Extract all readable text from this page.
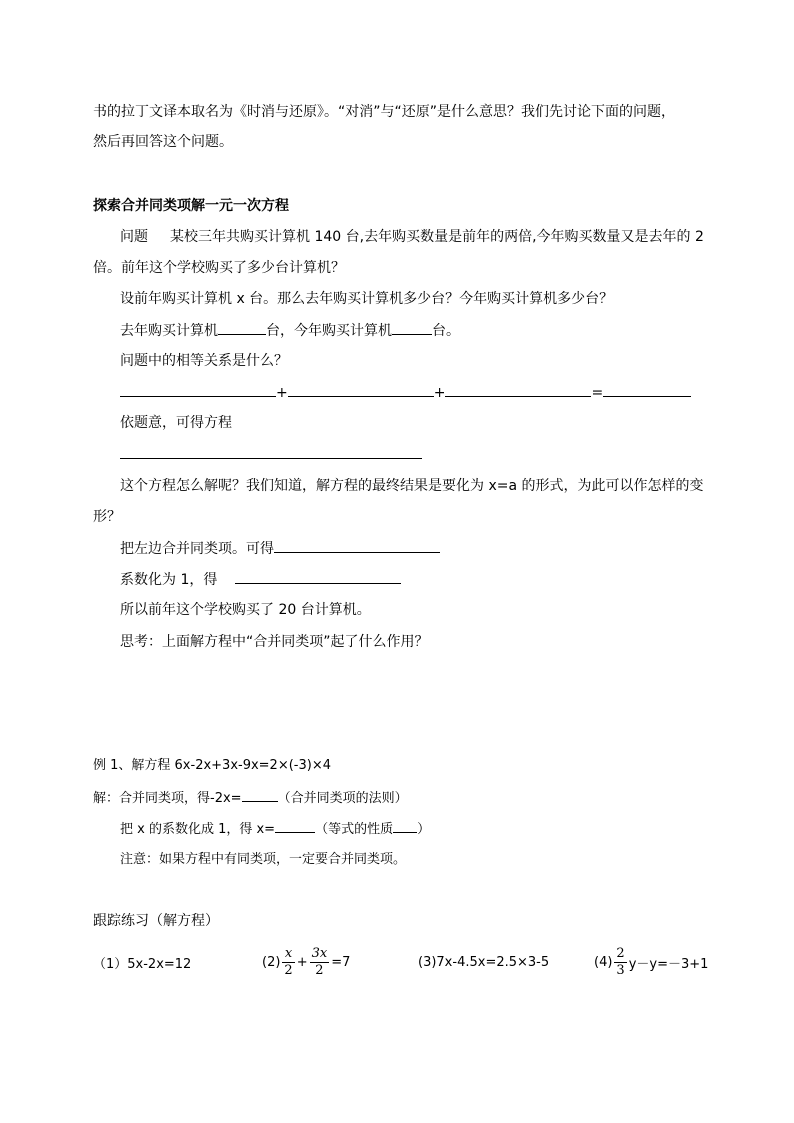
书的拉丁文译本取名为《时消与还原》。“对消”与“还原”是什么意思？我们先讨论下面的问题，
然后再回答这个问题。
探索合并同类项解一元一次方程
问题 某校三年共购买计算机 140 台,去年购买数量是前年的两倍,今年购买数量又是去年的 2
倍。前年这个学校购买了多少台计算机？
设前年购买计算机 x 台。那么去年购买计算机多少台？今年购买计算机多少台？
去年购买计算机	台，今年购买计算机	台。
问题中的相等关系是什么？
+	+	=
依题意，可得方程
这个方程怎么解呢？我们知道，解方程的最终结果是要化为 x=a 的形式，为此可以作怎样的变
形？
把左边合并同类项。可得
系数化为 1，得
所以前年这个学校购买了 20 台计算机。
思考：上面解方程中“合并同类项”起了什么作用？
例 1、解方程 6x-2x+3x-9x=2×(-3)×4
解：合并同类项，得-2x=	（合并同类项的法则）
把 x 的系数化成 1，得 x=	（等式的性质 ）
注意：如果方程中有同类项，一定要合并同类项。
跟踪练习（解方程）
（1）5x-2x=12	$(2) \frac{x}{2} + \frac{3x}{2} =7$	(3)7x-4.5x=2.5×3-5	$(4) \frac{2}{3} y-y=-3+1$
